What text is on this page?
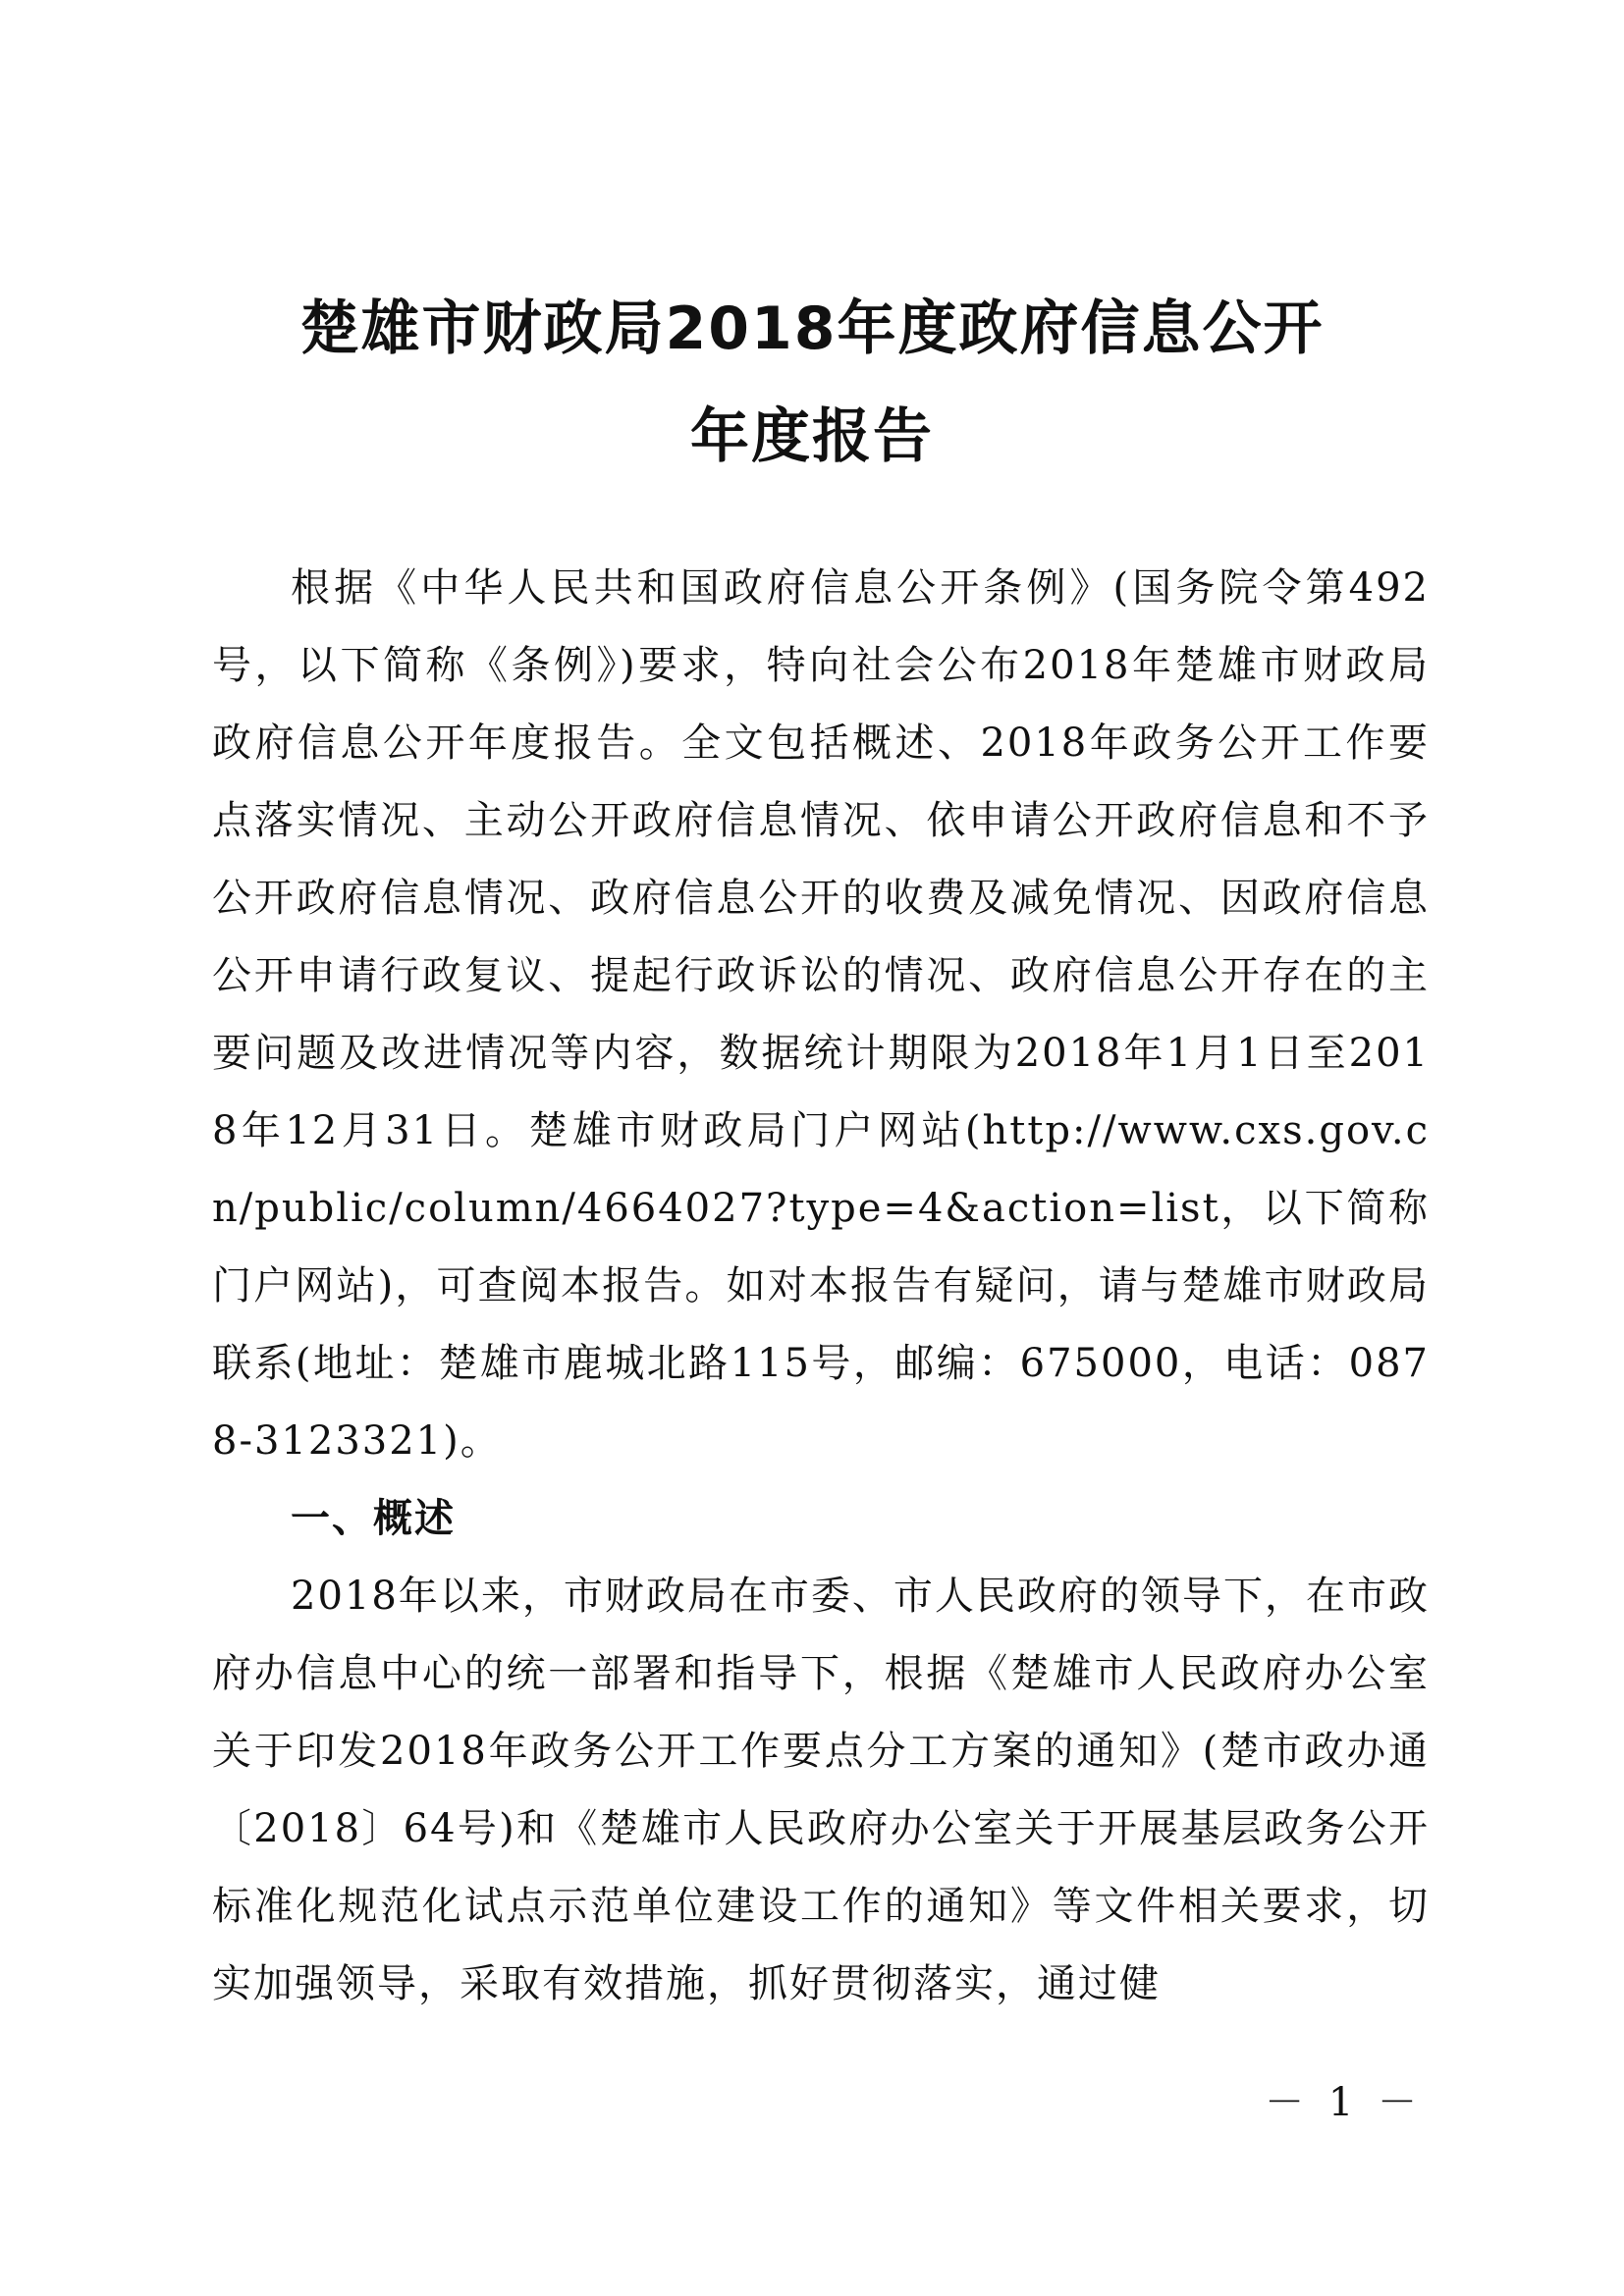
楚雄市财政局2018年度政府信息公开
年度报告

根据《中华人民共和国政府信息公开条例》(国务院令第492号，以下简称《条例》)要求，特向社会公布2018年楚雄市财政局政府信息公开年度报告。全文包括概述、2018年政务公开工作要点落实情况、主动公开政府信息情况、依申请公开政府信息和不予公开政府信息情况、政府信息公开的收费及减免情况、因政府信息公开申请行政复议、提起行政诉讼的情况、政府信息公开存在的主要问题及改进情况等内容，数据统计期限为2018年1月1日至2018年12月31日。楚雄市财政局门户网站(http://www.cxs.gov.cn/public/column/4664027?type=4&action=list，以下简称门户网站)，可查阅本报告。如对本报告有疑问，请与楚雄市财政局联系(地址：楚雄市鹿城北路115号，邮编：675000，电话：0878-3123321)。

一、概述

2018年以来，市财政局在市委、市人民政府的领导下，在市政府办信息中心的统一部署和指导下，根据《楚雄市人民政府办公室关于印发2018年政务公开工作要点分工方案的通知》(楚市政办通〔2018〕64号)和《楚雄市人民政府办公室关于开展基层政务公开标准化规范化试点示范单位建设工作的通知》等文件相关要求，切实加强领导，采取有效措施，抓好贯彻落实，通过健

－ 1 －
